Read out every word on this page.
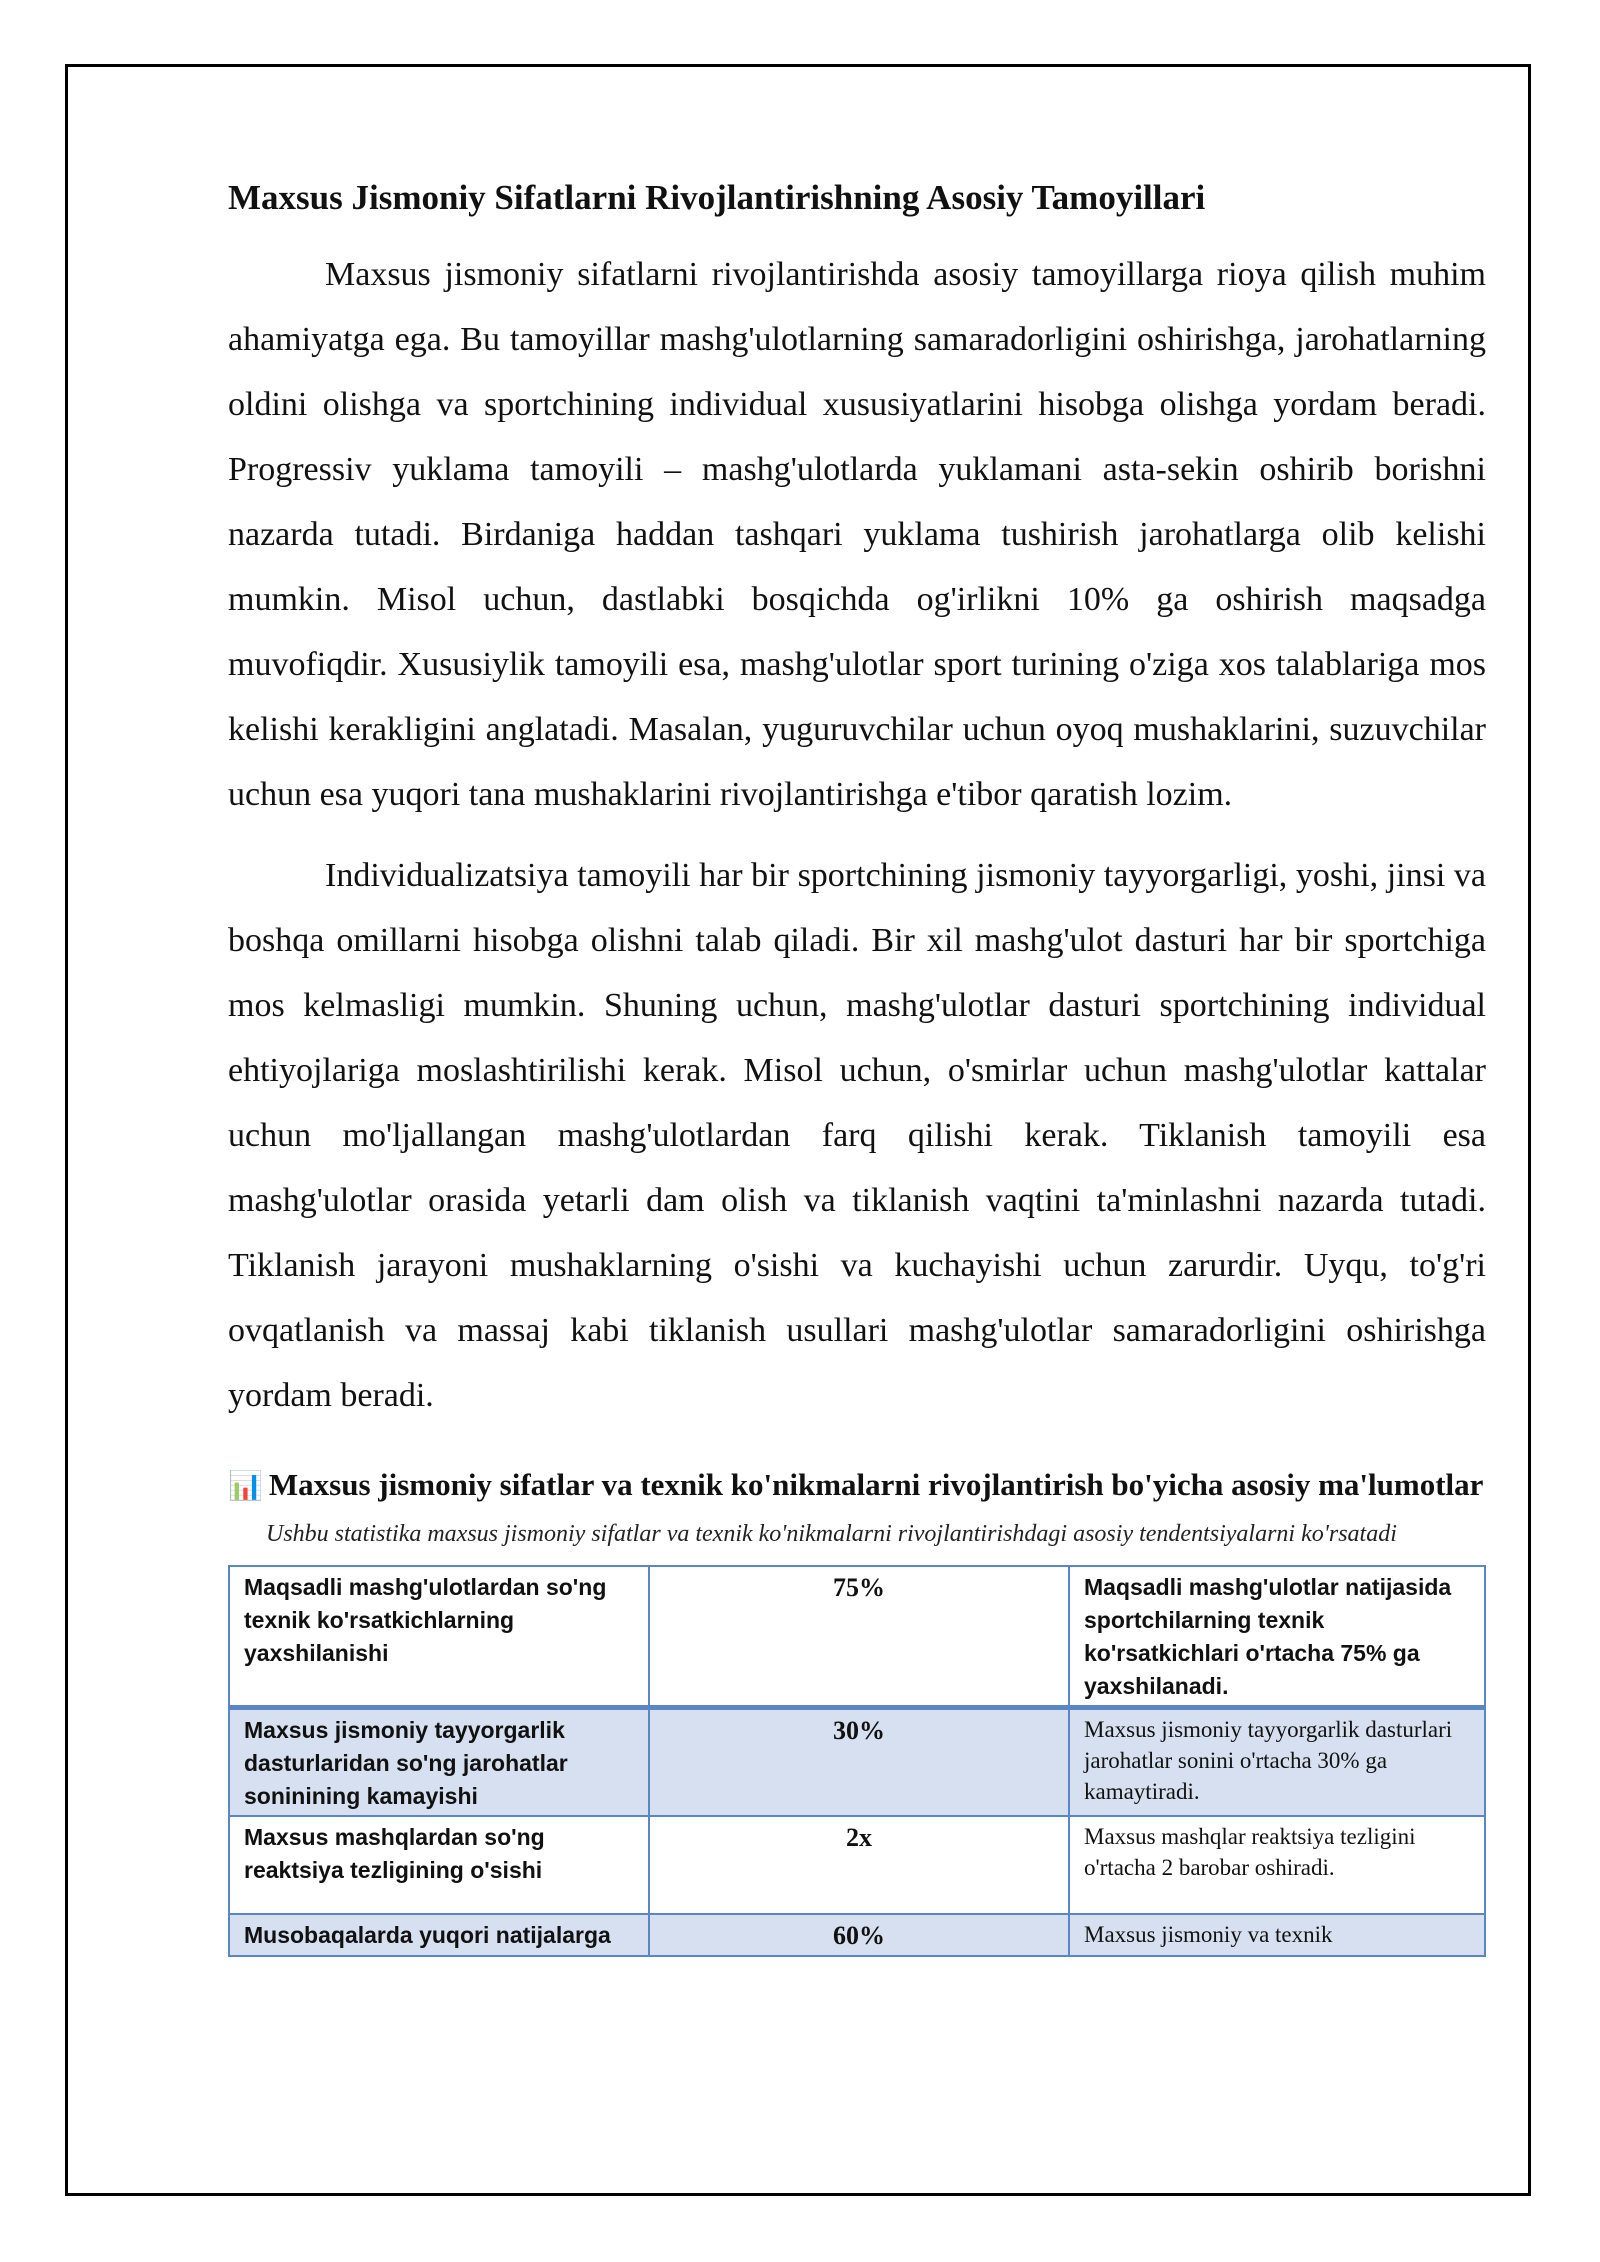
Maxsus Jismoniy Sifatlarni Rivojlantirishning Asosiy Tamoyillari

Maxsus jismoniy sifatlarni rivojlantirishda asosiy tamoyillarga rioya qilish muhim ahamiyatga ega. Bu tamoyillar mashg'ulotlarning samaradorligini oshirishga, jarohatlarning oldini olishga va sportchining individual xususiyatlarini hisobga olishga yordam beradi. Progressiv yuklama tamoyili – mashg'ulotlarda yuklamani asta-sekin oshirib borishni nazarda tutadi. Birdaniga haddan tashqari yuklama tushirish jarohatlarga olib kelishi mumkin. Misol uchun, dastlabki bosqichda og'irlikni 10% ga oshirish maqsadga muvofiqdir. Xususiylik tamoyili esa, mashg'ulotlar sport turining o'ziga xos talablariga mos kelishi kerakligini anglatadi. Masalan, yuguruvchilar uchun oyoq mushaklarini, suzuvchilar uchun esa yuqori tana mushaklarini rivojlantirishga e'tibor qaratish lozim.

Individualizatsiya tamoyili har bir sportchining jismoniy tayyorgarligi, yoshi, jinsi va boshqa omillarni hisobga olishni talab qiladi. Bir xil mashg'ulot dasturi har bir sportchiga mos kelmasligi mumkin. Shuning uchun, mashg'ulotlar dasturi sportchining individual ehtiyojlariga moslashtirilishi kerak. Misol uchun, o'smirlar uchun mashg'ulotlar kattalar uchun mo'ljallangan mashg'ulotlardan farq qilishi kerak. Tiklanish tamoyili esa mashg'ulotlar orasida yetarli dam olish va tiklanish vaqtini ta'minlashni nazarda tutadi. Tiklanish jarayoni mushaklarning o'sishi va kuchayishi uchun zarurdir. Uyqu, to'g'ri ovqatlanish va massaj kabi tiklanish usullari mashg'ulotlar samaradorligini oshirishga yordam beradi.

📊 Maxsus jismoniy sifatlar va texnik ko'nikmalarni rivojlantirish bo'yicha asosiy ma'lumotlar
Ushbu statistika maxsus jismoniy sifatlar va texnik ko'nikmalarni rivojlantirishdagi asosiy tendentsiyalarni ko'rsatadi
Maqsadli mashg'ulotlardan so'ng texnik ko'rsatkichlarning yaxshilanishi	75%	Maqsadli mashg'ulotlar natijasida sportchilarning texnik ko'rsatkichlari o'rtacha 75% ga yaxshilanadi.
Maxsus jismoniy tayyorgarlik dasturlaridan so'ng jarohatlar soninining kamayishi	30%	Maxsus jismoniy tayyorgarlik dasturlari jarohatlar sonini o'rtacha 30% ga kamaytiradi.
Maxsus mashqlardan so'ng reaktsiya tezligining o'sishi	2x	Maxsus mashqlar reaktsiya tezligini o'rtacha 2 barobar oshiradi.
Musobaqalarda yuqori natijalarga	60%	Maxsus jismoniy va texnik
